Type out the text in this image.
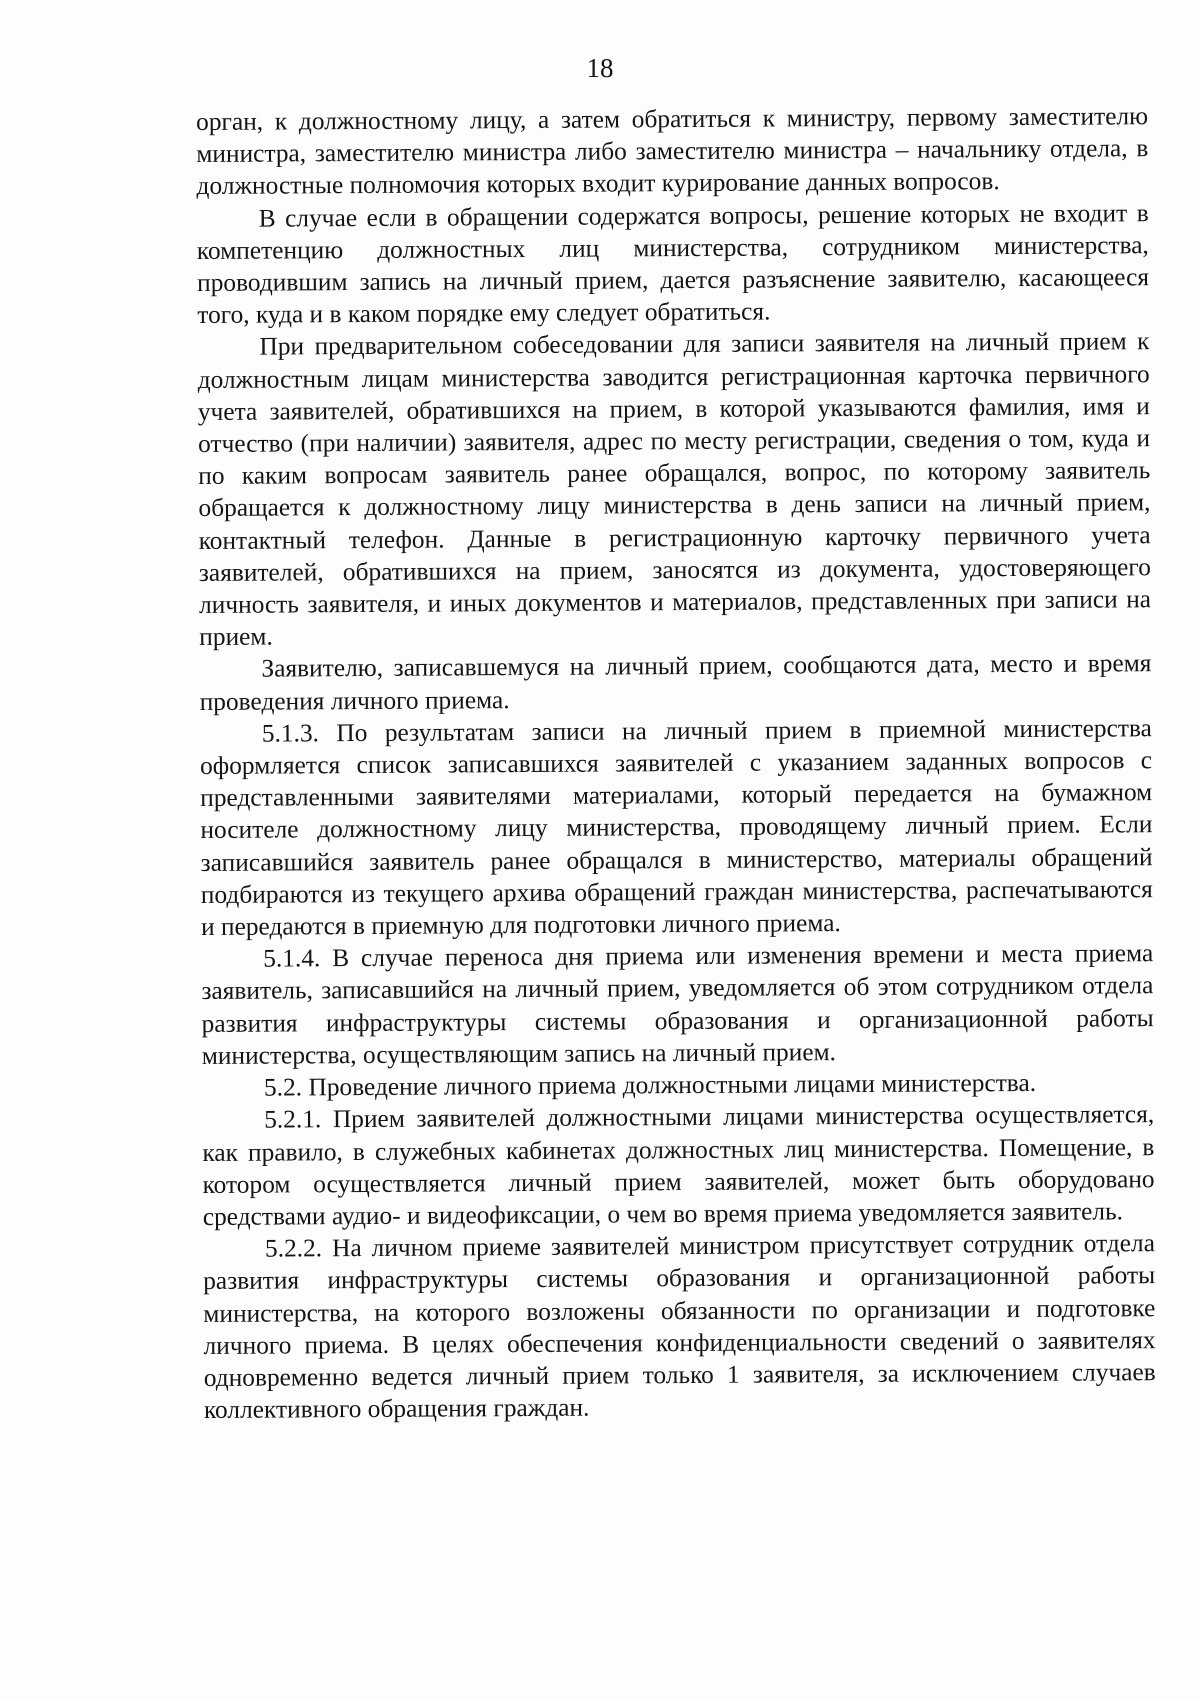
18

орган, к должностному лицу, а затем обратиться к министру, первому заместителю министра, заместителю министра либо заместителю министра – начальнику отдела, в должностные полномочия которых входит курирование данных вопросов.

В случае если в обращении содержатся вопросы, решение которых не входит в компетенцию должностных лиц министерства, сотрудником министерства, проводившим запись на личный прием, дается разъяснение заявителю, касающееся того, куда и в каком порядке ему следует обратиться.

При предварительном собеседовании для записи заявителя на личный прием к должностным лицам министерства заводится регистрационная карточка первичного учета заявителей, обратившихся на прием, в которой указываются фамилия, имя и отчество (при наличии) заявителя, адрес по месту регистрации, сведения о том, куда и по каким вопросам заявитель ранее обращался, вопрос, по которому заявитель обращается к должностному лицу министерства в день записи на личный прием, контактный телефон. Данные в регистрационную карточку первичного учета заявителей, обратившихся на прием, заносятся из документа, удостоверяющего личность заявителя, и иных документов и материалов, представленных при записи на прием.

Заявителю, записавшемуся на личный прием, сообщаются дата, место и время проведения личного приема.

5.1.3. По результатам записи на личный прием в приемной министерства оформляется список записавшихся заявителей с указанием заданных вопросов с представленными заявителями материалами, который передается на бумажном носителе должностному лицу министерства, проводящему личный прием. Если записавшийся заявитель ранее обращался в министерство, материалы обращений подбираются из текущего архива обращений граждан министерства, распечатываются и передаются в приемную для подготовки личного приема.

5.1.4. В случае переноса дня приема или изменения времени и места приема заявитель, записавшийся на личный прием, уведомляется об этом сотрудником отдела развития инфраструктуры системы образования и организационной работы министерства, осуществляющим запись на личный прием.

5.2. Проведение личного приема должностными лицами министерства.

5.2.1. Прием заявителей должностными лицами министерства осуществляется, как правило, в служебных кабинетах должностных лиц министерства. Помещение, в котором осуществляется личный прием заявителей, может быть оборудовано средствами аудио- и видеофиксации, о чем во время приема уведомляется заявитель.

5.2.2. На личном приеме заявителей министром присутствует сотрудник отдела развития инфраструктуры системы образования и организационной работы министерства, на которого возложены обязанности по организации и подготовке личного приема. В целях обеспечения конфиденциальности сведений о заявителях одновременно ведется личный прием только 1 заявителя, за исключением случаев коллективного обращения граждан.
